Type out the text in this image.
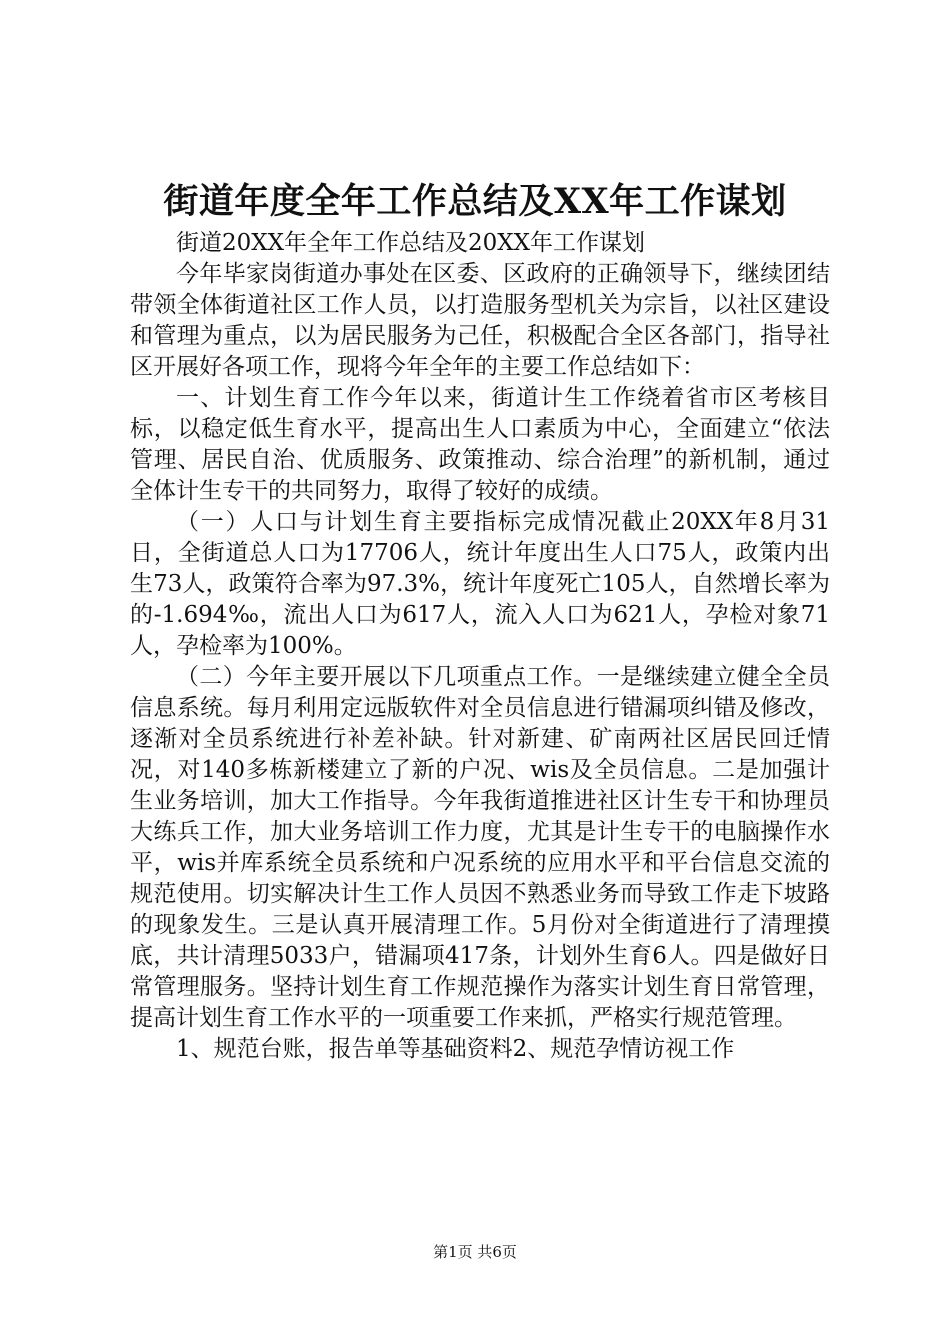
街道年度全年工作总结及XX年工作谋划

街道20XX年全年工作总结及20XX年工作谋划

今年毕家岗街道办事处在区委、区政府的正确领导下，继续团结带领全体街道社区工作人员，以打造服务型机关为宗旨，以社区建设和管理为重点，以为居民服务为己任，积极配合全区各部门，指导社区开展好各项工作，现将今年全年的主要工作总结如下：

一、计划生育工作今年以来，街道计生工作绕着省市区考核目标，以稳定低生育水平，提高出生人口素质为中心，全面建立“依法管理、居民自治、优质服务、政策推动、综合治理”的新机制，通过全体计生专干的共同努力，取得了较好的成绩。

（一）人口与计划生育主要指标完成情况截止20XX年8月31日，全街道总人口为17706人，统计年度出生人口75人，政策内出生73人，政策符合率为97.3%，统计年度死亡105人，自然增长率为的-1.694‰，流出人口为617人，流入人口为621人，孕检对象71人，孕检率为100%。

（二）今年主要开展以下几项重点工作。一是继续建立健全全员信息系统。每月利用定远版软件对全员信息进行错漏项纠错及修改，逐渐对全员系统进行补差补缺。针对新建、矿南两社区居民回迁情况，对140多栋新楼建立了新的户况、wis及全员信息。二是加强计生业务培训，加大工作指导。今年我街道推进社区计生专干和协理员大练兵工作，加大业务培训工作力度，尤其是计生专干的电脑操作水平，wis并库系统全员系统和户况系统的应用水平和平台信息交流的规范使用。切实解决计生工作人员因不熟悉业务而导致工作走下坡路的现象发生。三是认真开展清理工作。5月份对全街道进行了清理摸底，共计清理5033户，错漏项417条，计划外生育6人。四是做好日常管理服务。坚持计划生育工作规范操作为落实计划生育日常管理，提高计划生育工作水平的一项重要工作来抓，严格实行规范管理。

1、规范台账，报告单等基础资料2、规范孕情访视工作

第1页 共6页
